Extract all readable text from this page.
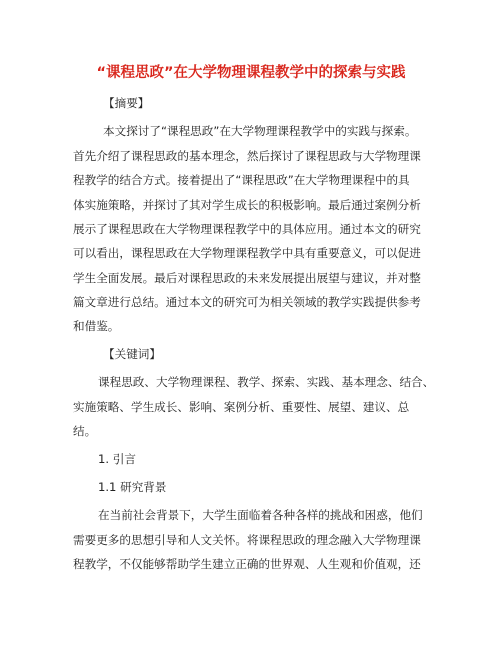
“课程思政”在大学物理课程教学中的探索与实践
【摘要】
本文探讨了“课程思政”在大学物理课程教学中的实践与探索。
首先介绍了课程思政的基本理念，然后探讨了课程思政与大学物理课
程教学的结合方式。接着提出了“课程思政”在大学物理课程中的具
体实施策略，并探讨了其对学生成长的积极影响。最后通过案例分析
展示了课程思政在大学物理课程教学中的具体应用。通过本文的研究
可以看出，课程思政在大学物理课程教学中具有重要意义，可以促进
学生全面发展。最后对课程思政的未来发展提出展望与建议，并对整
篇文章进行总结。通过本文的研究可为相关领域的教学实践提供参考
和借鉴。
【关键词】
课程思政、大学物理课程、教学、探索、实践、基本理念、结合、
实施策略、学生成长、影响、案例分析、重要性、展望、建议、总
结。
1. 引言
1.1 研究背景
在当前社会背景下，大学生面临着各种各样的挑战和困惑，他们
需要更多的思想引导和人文关怀。将课程思政的理念融入大学物理课
程教学，不仅能够帮助学生建立正确的世界观、人生观和价值观，还
